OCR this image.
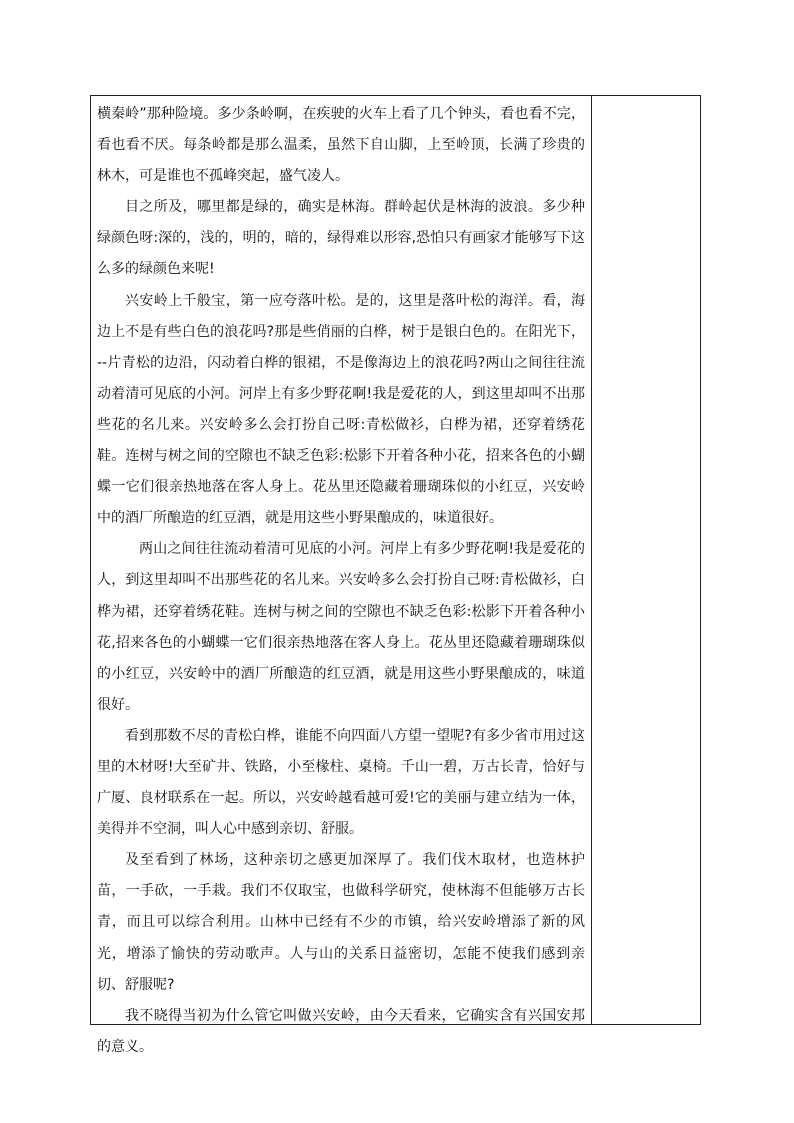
横秦岭”那种险境。多少条岭啊，在疾驶的火车上看了几个钟头，看也看不完，看也看不厌。每条岭都是那么温柔，虽然下自山脚，上至岭顶，长满了珍贵的林木，可是谁也不孤峰突起，盛气凌人。

目之所及，哪里都是绿的，确实是林海。群岭起伏是林海的波浪。多少种绿颜色呀:深的，浅的，明的，暗的，绿得难以形容,恐怕只有画家才能够写下这么多的绿颜色来呢!

兴安岭上千般宝，第一应夸落叶松。是的，这里是落叶松的海洋。看，海边上不是有些白色的浪花吗?那是些俏丽的白桦，树于是银白色的。在阳光下，--片青松的边沿，闪动着白桦的银裙，不是像海边上的浪花吗?两山之间往往流动着清可见底的小河。河岸上有多少野花啊!我是爱花的人，到这里却叫不出那些花的名儿来。兴安岭多么会打扮自己呀:青松做衫，白桦为裙，还穿着绣花鞋。连树与树之间的空隙也不缺乏色彩:松影下开着各种小花，招来各色的小蝴蝶一它们很亲热地落在客人身上。花丛里还隐藏着珊瑚珠似的小红豆，兴安岭中的酒厂所酿造的红豆酒，就是用这些小野果酿成的，味道很好。

两山之间往往流动着清可见底的小河。河岸上有多少野花啊!我是爱花的人，到这里却叫不出那些花的名儿来。兴安岭多么会打扮自己呀:青松做衫，白桦为裙，还穿着绣花鞋。连树与树之间的空隙也不缺乏色彩:松影下开着各种小花,招来各色的小蝴蝶一它们很亲热地落在客人身上。花丛里还隐藏着珊瑚珠似的小红豆，兴安岭中的酒厂所酿造的红豆酒，就是用这些小野果酿成的，味道很好。

看到那数不尽的青松白桦，谁能不向四面八方望一望呢?有多少省市用过这里的木材呀!大至矿井、铁路，小至椽柱、桌椅。千山一碧，万古长青，恰好与广厦、良材联系在一起。所以，兴安岭越看越可爱!它的美丽与建立结为一体，美得并不空洞，叫人心中感到亲切、舒服。

及至看到了林场，这种亲切之感更加深厚了。我们伐木取材，也造林护苗，一手砍，一手栽。我们不仅取宝，也做科学研究，使林海不但能够万古长青，而且可以综合利用。山林中已经有不少的市镇，给兴安岭增添了新的风光，增添了愉快的劳动歌声。人与山的关系日益密切，怎能不使我们感到亲切、舒服呢?

我不晓得当初为什么管它叫做兴安岭，由今天看来，它确实含有兴国安邦的意义。
